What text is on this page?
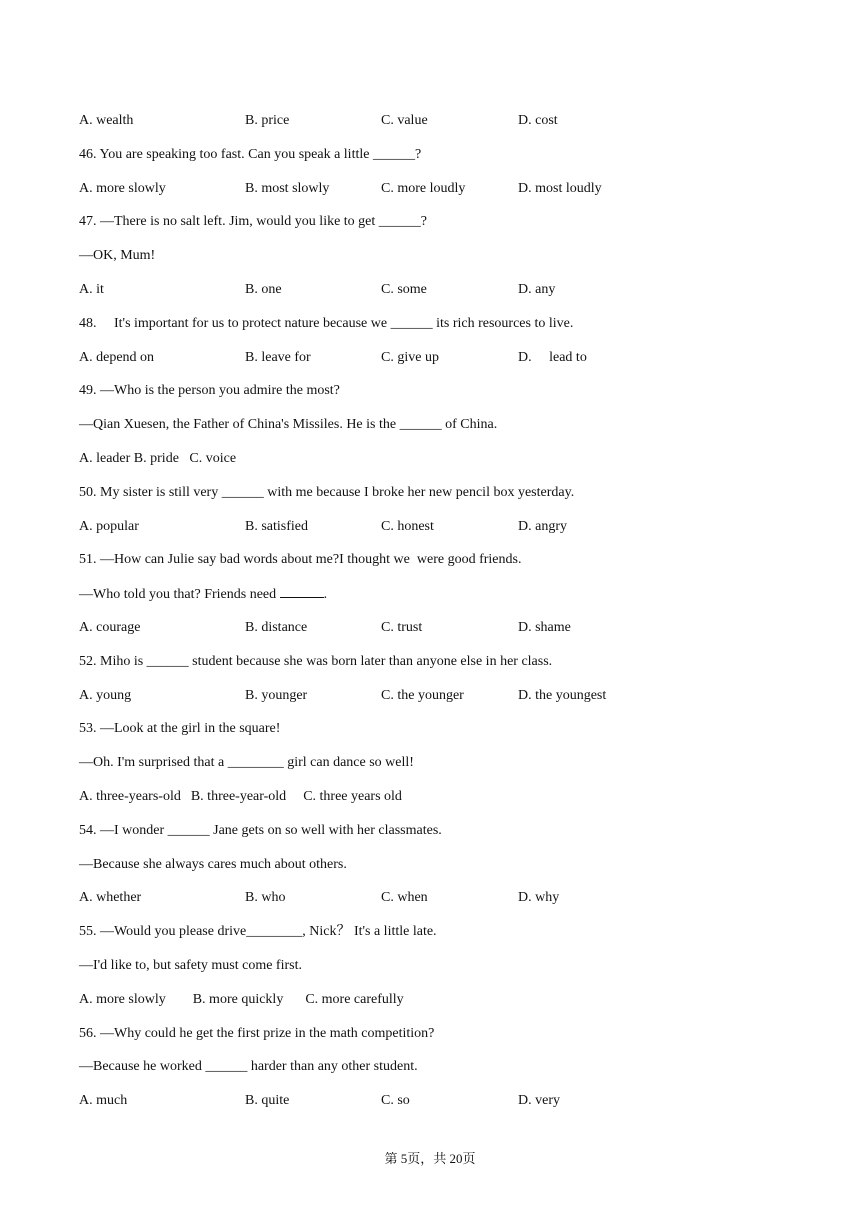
A. wealth

	B. price

	C. value

	D. cost

46. You are speaking too fast. Can you speak a little ______?

A. more slowly

	B. most slowly

	C. more loudly

	D. most loudly

47. —There is no salt left. Jim, would you like to get ______?
—OK, Mum!

A. it

	B. one

	C. some

	D. any

48.     It's important for us to protect nature because we ______ its rich resources to live.

A. depend on

	B. leave for

	C. give up

	D.     lead to

49. —Who is the person you admire the most?
—Qian Xuesen, the Father of China's Missiles. He is the ______ of China.
A. leader B. pride   C. voice
50. My sister is still very ______ with me because I broke her new pencil box yesterday.

A. popular

	B. satisfied

	C. honest

	D. angry

51. —How can Julie say bad words about me?I thought we  were good friends.
—Who told you that? Friends need	.

A. courage

	B. distance

	C. trust

	D. shame

52. Miho is ______ student because she was born later than anyone else in her class.

A. young

	B. younger

	C. the younger

	D. the youngest

53. —Look at the girl in the square!
—Oh. I'm surprised that a ________ girl can dance so well!
A. three-years-old B. three-year-old C. three years old
54. —I wonder ______ Jane gets on so well with her classmates.
—Because she always cares much about others.

A. whether

	B. who

	C. when

	D. why

55. —Would you please drive________, Nick？ It's a little late.
—I'd like to, but safety must come first.
A. more slowly B. more quickly C. more carefully
56. —Why could he get the first prize in the math competition?
—Because he worked ______ harder than any other student.

A. much

	B. quite

	C. so

	D. very

第 5页，共 20页
